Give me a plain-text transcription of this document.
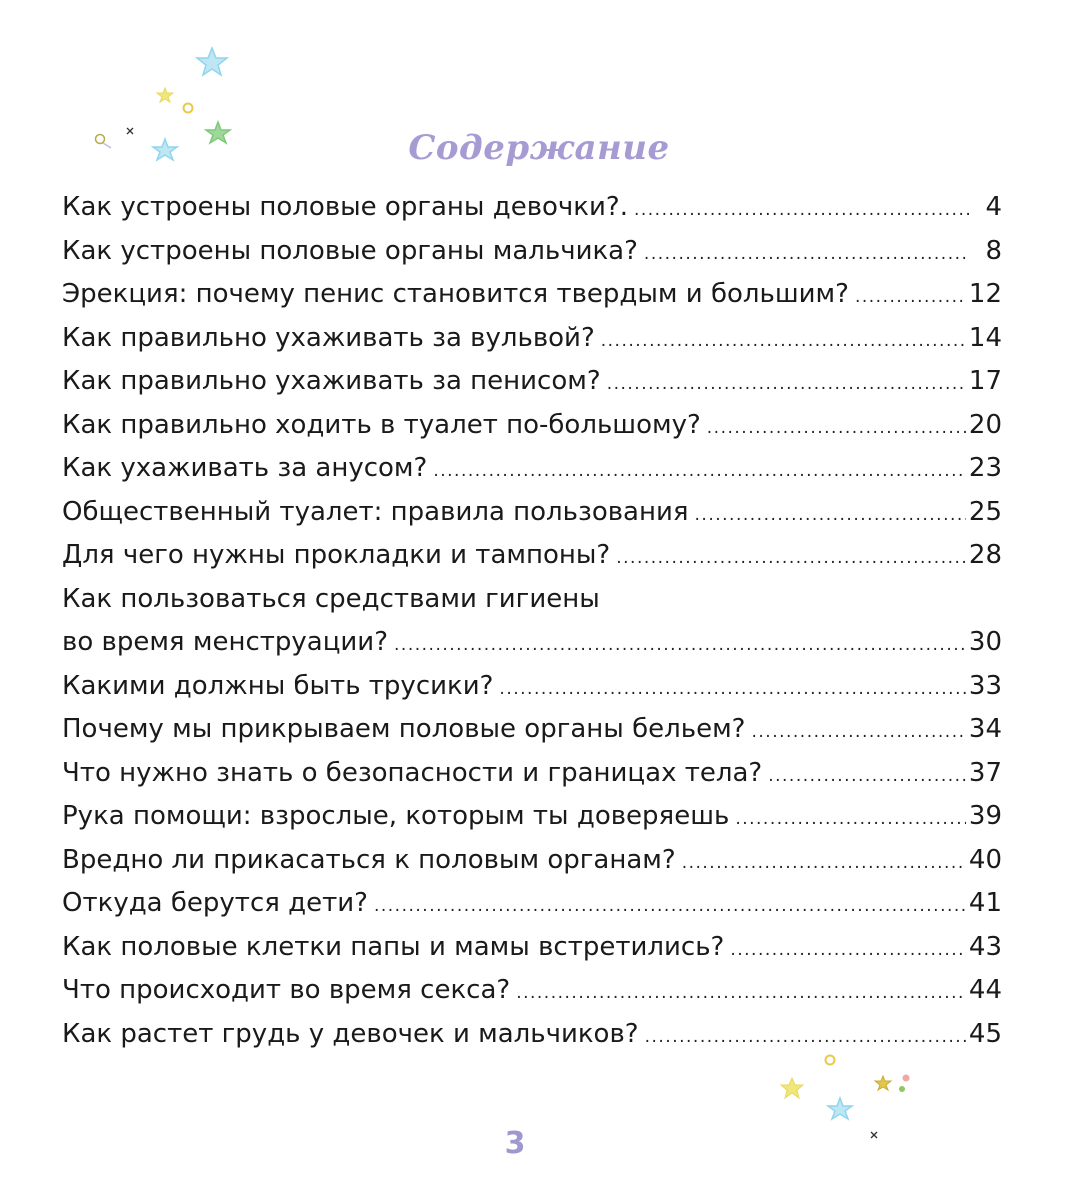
Содержание
Как устроены половые органы девочки?. .....	4
Как устроены половые органы мальчика? .....	8
Эрекция: почему пенис становится твердым и большим? .....	12
Как правильно ухаживать за вульвой? .....	14
Как правильно ухаживать за пенисом? .....	17
Как правильно ходить в туалет по-большому? .....	20
Как ухаживать за анусом? .....	23
Общественный туалет: правила пользования .....	25
Для чего нужны прокладки и тампоны? .....	28
Как пользоваться средствами гигиены
во время менструации? .....	30
Какими должны быть трусики? .....	33
Почему мы прикрываем половые органы бельем? .....	34
Что нужно знать о безопасности и границах тела? .....	37
Рука помощи: взрослые, которым ты доверяешь .....	39
Вредно ли прикасаться к половым органам? .....	40
Откуда берутся дети? .....	41
Как половые клетки папы и мамы встретились? .....	43
Что происходит во время секса? .....	44
Как растет грудь у девочек и мальчиков? .....	45
3
